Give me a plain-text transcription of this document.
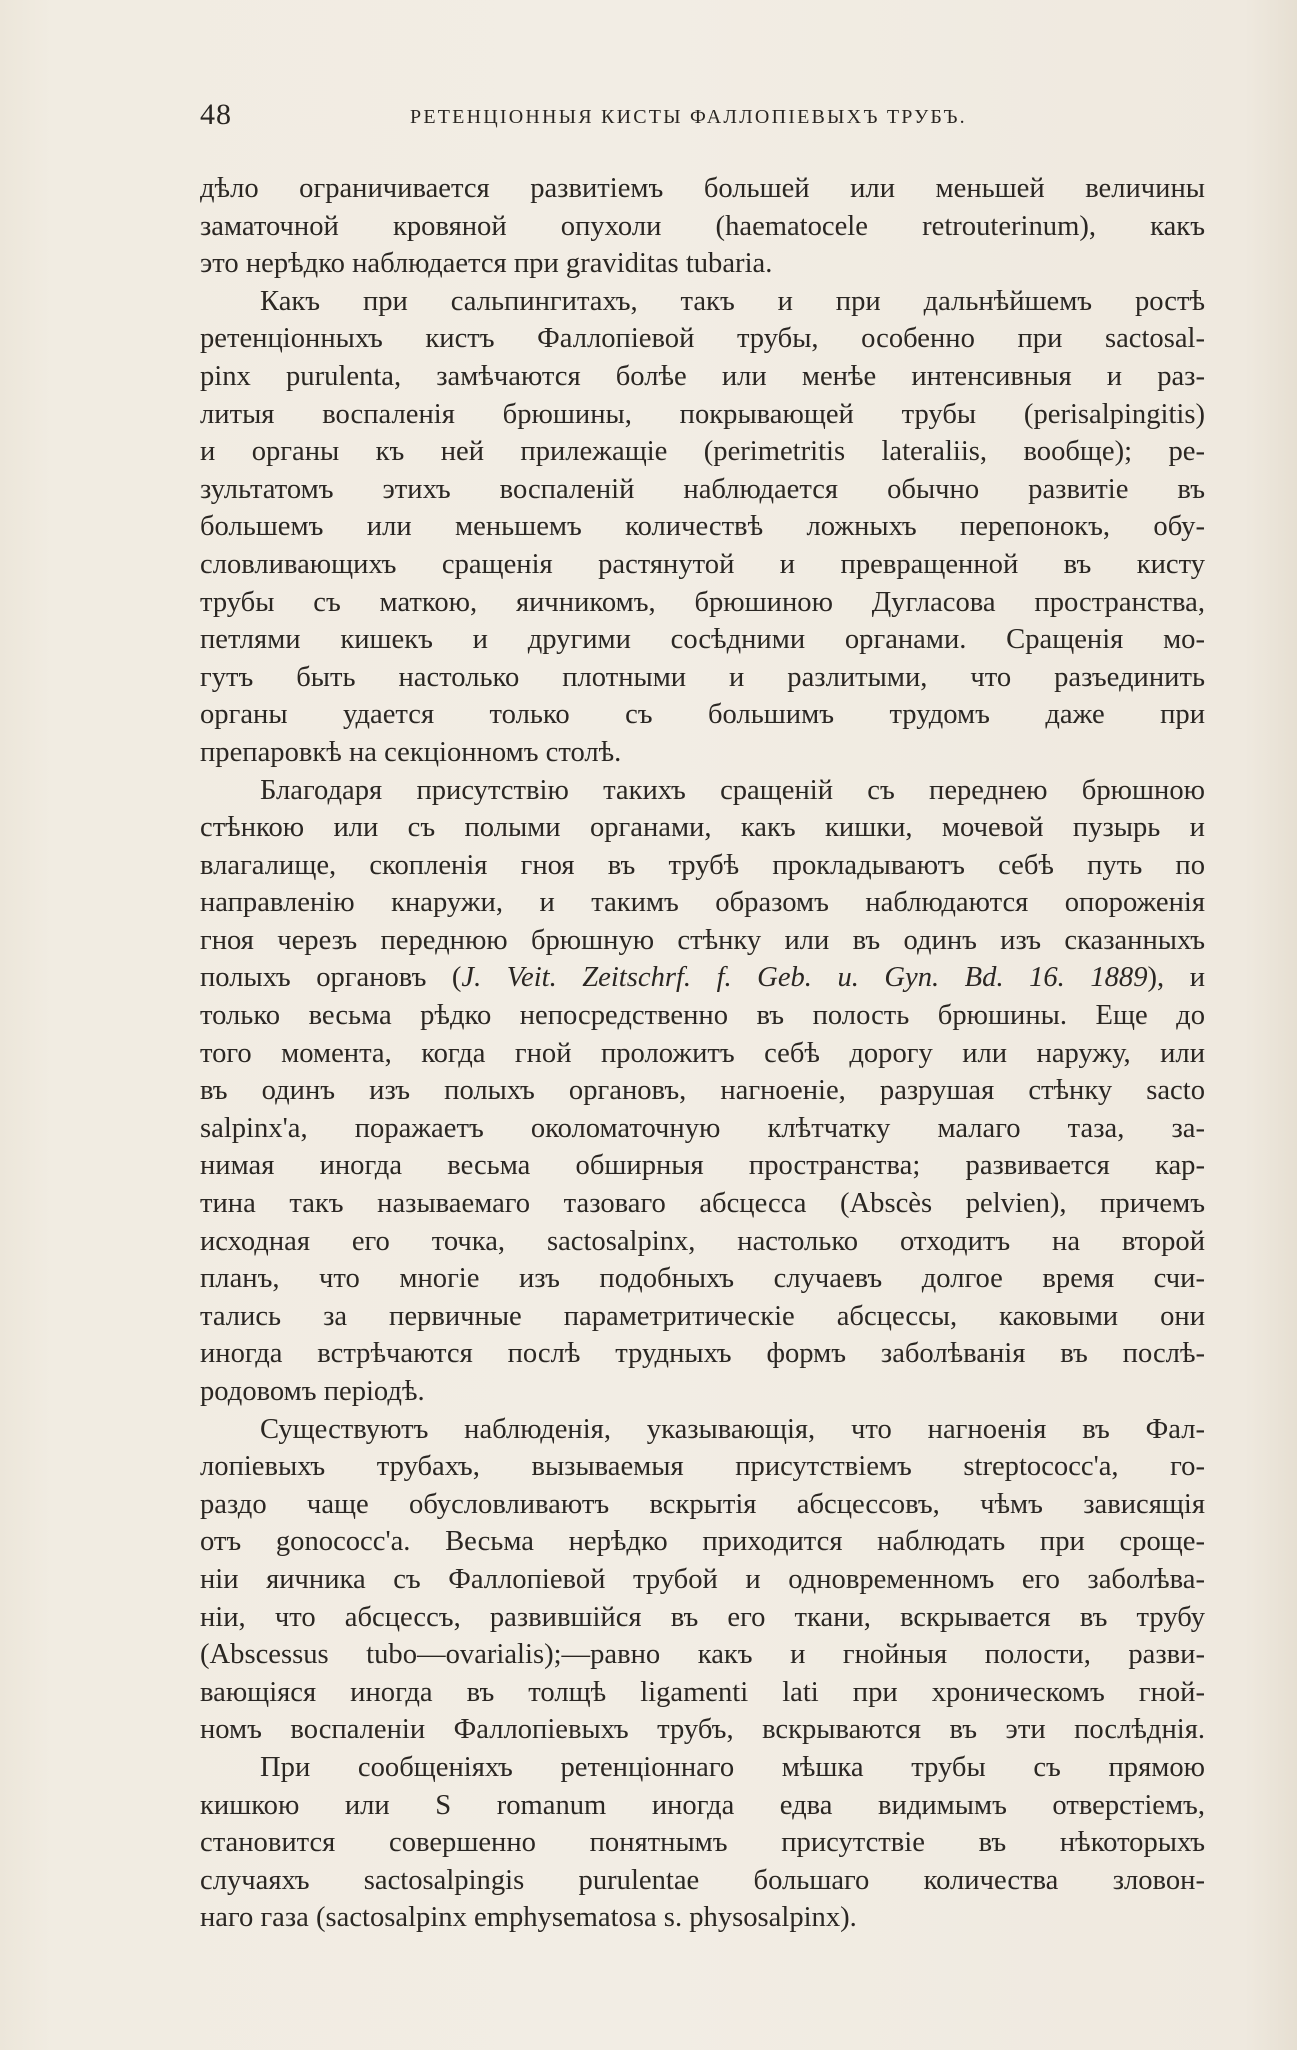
48	РЕТЕНЦІОННЫЯ КИСТЫ ФАЛЛОПІЕВЫХЪ ТРУБЪ.
дѣло ограничивается развитіемъ большей или меньшей величины
заматочной кровяной опухоли (haematocele retrouterinum), какъ
это нерѣдко наблюдается при graviditas tubaria.
Какъ при сальпингитахъ, такъ и при дальнѣйшемъ ростѣ
ретенціонныхъ кистъ Фаллопіевой трубы, особенно при sactosal-
pinx purulenta, замѣчаются болѣе или менѣе интенсивныя и раз-
литыя воспаленія брюшины, покрывающей трубы (perisalpingitis)
и органы къ ней прилежащіе (perimetritis lateraliis, вообще); ре-
зультатомъ этихъ воспаленій наблюдается обычно развитіе въ
большемъ или меньшемъ количествѣ ложныхъ перепонокъ, обу-
словливающихъ сращенія растянутой и превращенной въ кисту
трубы съ маткою, яичникомъ, брюшиною Дугласова пространства,
петлями кишекъ и другими сосѣдними органами. Сращенія мо-
гутъ быть настолько плотными и разлитыми, что разъединить
органы удается только съ большимъ трудомъ даже при
препаровкѣ на секціонномъ столѣ.
Благодаря присутствію такихъ сращеній съ переднею брюшною
стѣнкою или съ полыми органами, какъ кишки, мочевой пузырь и
влагалище, скопленія гноя въ трубѣ прокладываютъ себѣ путь по
направленію кнаружи, и такимъ образомъ наблюдаются опороженія
гноя черезъ переднюю брюшную стѣнку или въ одинъ изъ сказанныхъ
полыхъ органовъ (J. Veit. Zeitschrf. f. Geb. u. Gyn. Bd. 16. 1889), и
только весьма рѣдко непосредственно въ полость брюшины. Еще до
того момента, когда гной проложитъ себѣ дорогу или наружу, или
въ одинъ изъ полыхъ органовъ, нагноеніе, разрушая стѣнку sacto
salpinx'а, поражаетъ околоматочную клѣтчатку малаго таза, за-
нимая иногда весьма обширныя пространства; развивается кар-
тина такъ называемаго тазоваго абсцесса (Abscès pelvien), причемъ
исходная его точка, sactosalpinx, настолько отходитъ на второй
планъ, что многіе изъ подобныхъ случаевъ долгое время счи-
тались за первичные параметритическіе абсцессы, каковыми они
иногда встрѣчаются послѣ трудныхъ формъ заболѣванія въ послѣ-
родовомъ періодѣ.
Существуютъ наблюденія, указывающія, что нагноенія въ Фал-
лопіевыхъ трубахъ, вызываемыя присутствіемъ streptococc'а, го-
раздо чаще обусловливаютъ вскрытія абсцессовъ, чѣмъ зависящія
отъ gonococc'а. Весьма нерѣдко приходится наблюдать при сроще-
ніи яичника съ Фаллопіевой трубой и одновременномъ его заболѣва-
ніи, что абсцессъ, развившійся въ его ткани, вскрывается въ трубу
(Abscessus tubo—ovarialis);—равно какъ и гнойныя полости, разви-
вающіяся иногда въ толщѣ ligamenti lati при хроническомъ гной-
номъ воспаленіи Фаллопіевыхъ трубъ, вскрываются въ эти послѣднія.
При сообщеніяхъ ретенціоннаго мѣшка трубы съ прямою
кишкою или S romanum иногда едва видимымъ отверстіемъ,
становится совершенно понятнымъ присутствіе въ нѣкоторыхъ
случаяхъ sactosalpingis purulentae большаго количества зловон-
наго газа (sactosalpinx emphysematosa s. physosalpinx).
